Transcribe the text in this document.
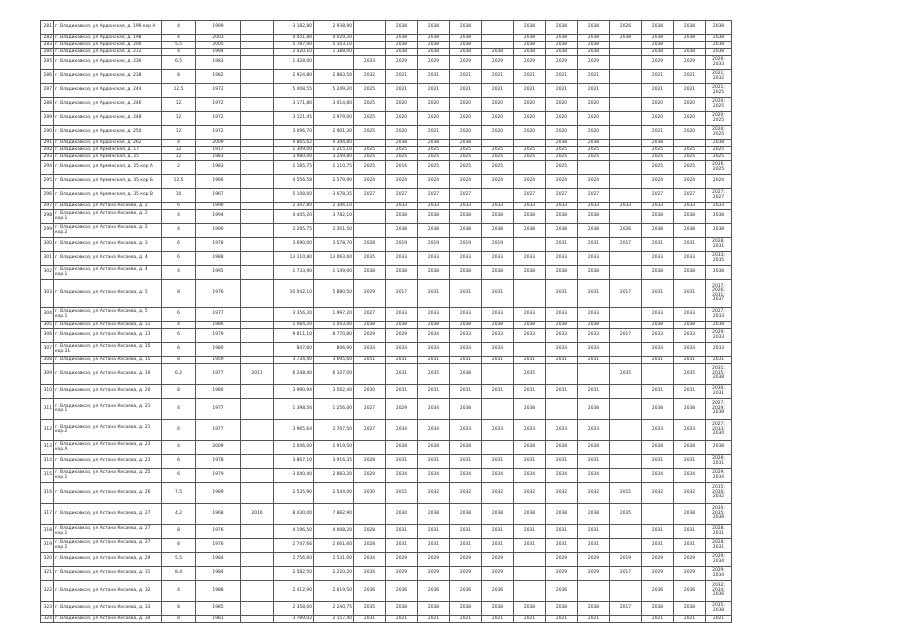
281	г. Владикавказ, ул Ардонская, д. 196 кор А	4	1999		3 182,80	2 938,90		2038	2038	2038		2038	2038	2038	2026	2038	2038	2038
282	г. Владикавказ, ул Ардонская, д. 198	4	2003		4 451,80	4 029,20		2038	2038	2038		2038	2038	2038	2038	2038	2038	2038
283	г. Владикавказ, ул Ардонская, д. 200	5,5	2005		5 787,00	5 103,10		2038	2038	2038		2038	2038	2038		2038		2038
284	г. Владикавказ, ул Ардонская, д. 212	4	1994		2 420,10	1 388,00		2038	2038	2038	2038	2038	2038	2038		2038	2038	2038
285	г. Владикавказ, ул Ардонская, д. 236	6,5	1983		1 428,00		2033	2029	2029	2029	2029	2029	2029	2029		2029	2029	2026; 2033
286	г. Владикавказ, ул Ардонская, д. 238	8	1982		2 924,80	2 883,50	2032	2021	2031	2021	2021	2021	2021	2021		2021	2021	2021; 2032
287	г. Владикавказ, ул Ардонская, д. 244	12,5	1972		5 408,55	5 249,20	2025	2021	2021	2021	2021	2021	2021	2021		2021	2021	2021; 2025
288	г. Владикавказ, ул Ардонская, д. 246	12	1972		3 171,80	3 014,80	2025	2020	2020	2020	2020	2020	2020	2020		2020	2020	2020; 2025
289	г. Владикавказ, ул Ардонская, д. 248	12	1972		3 121,45	2 979,00	2025	2020	2020	2020	2020	2020	2020	2020		2020	2020	2020; 2025
290	г. Владикавказ, ул Ардонская, д. 250	12	1972		3 096,70	2 901,30	2025	2020	2021	2020	2020	2020	2020	2020		2021	2020	2020; 2025
291	г. Владикавказ, ул Ардонская, д. 262	4	2009		4 865,62	4 394,80		2038	2038	2038			2038	2038		2038		2038
292	г. Владикавказ, ул Армянская, д. 17	12	1917		1 309,00	1 215,10	2025	2025	2025	2025	2025	2025	2025	2025		2025	2025	2025
293	г. Владикавказ, ул Армянская, д. 25	12	1983		3 980,00	3 249,80	2025	2025	2025	2025	2025	2025	2025	2025		2025	2025	2025
294	г. Владикавказ, ул Армянская, д. 25 кор А	2	1983		1 185,75	1 110,75	2025	2016	2025	2025	2025		2025			2025	2025	2016; 2025
295	г. Владикавказ, ул Армянская, д. 35 кор Б	12,5	1966		4 556,58	2 579,90	2024	2024	2024	2024	2024	2024	2024	2024		2024	2024	2024
296	г. Владикавказ, ул Армянская, д. 35 кор В	10	1967		5 108,60	3 678,35	2027	2027	2027	2027		2027	2027	2027		2027	2027	2027; 2027
297	г. Владикавказ, ул Астана Кесаева, д. 2	6	1990		2 347,80	2 306,10		2033	2033	2033	2033	2033	2033	2033	2033	2033	2033	2033
298	г. Владикавказ, ул Астана Кесаева, д. 2 кор.1	4	1994		4 445,20	3 782,10		2038	2038	2038	2038	2038	2038	2038		2038	2038	2038
299	г. Владикавказ, ул Астана Кесаева, д. 2 кор.2	4	1990		2 295,75	2 301,50		2038	2038	2038	2038	2038	2038	2038	2026	2038	2038	2038
300	г. Владикавказ, ул Астана Кесаева, д. 3	6	1978		3 690,00	3 578,70	2028	2019	2019	2019	2019		2031	2031	2017	2031	2031	2028; 2031
301	г. Владикавказ, ул Астана Кесаева, д. 4	6	1988		13 110,80	13 063,60	2035	2033	2033	2033	2033	2033	2033	2033		2033	2033	2033; 2035
302	г. Владикавказ, ул Астана Кесаева, д. 4 кор.1	4	1995		1 733,90	1 149,00	2038	2038	2038	2038	2038	2038	2038	2038		2038	2038	2038
303	г. Владикавказ, ул Астана Кесаева, д. 5	8	1976		10 042,10	5 880,50	2029	2017	2031	2031	2031		2031	2031	2017	2031	2031	2017; 2026; 2031; 2037
304	г. Владикавказ, ул Астана Кесаева, д. 5 кор.1	6	1977		3 356,20	1 997,20	2027	2033	2033	2033	2033	2033	2033	2033		2033	2033	2027; 2033
305	г. Владикавказ, ул Астана Кесаева, д. 11	4	1986		1 084,20	1 043,00	2038	2038	2038	2038	2038	2038	2038	2038		2038	2038	2038
306	г. Владикавказ, ул Астана Кесаева, д. 13	6	1979		9 811,10	8 770,80	2029	2029	2034	2033	2033	2033	2033	2033	2017	2033	2033	2029; 2033
307	г. Владикавказ, ул Астана Кесаева, д. 15 кор.31	6	1980		847,60	806,90	2033	2033	2033	2033	2033		2033	2033		2033	2033	2033
308	г. Владикавказ, ул Астана Кесаева, д. 15	8	1959		3 734,40	3 695,60	2051	2031	2031	2031	2031	2031	2031	2031		2031	2031	2031
309	г. Владикавказ, ул Астана Кесаева, д. 19	6,2	1977	2011	6 248,40	6 107,00		2031	2035	2038		2035			2035		2035	2031; 2035; 2038
310	г. Владикавказ, ул Астана Кесаева, д. 20	8	1980		3 990,94	3 562,40	2030	2031	2031	2031	2031	2031	2031	2031		2031	2031	2030; 2031
311	г. Владикавказ, ул Астана Кесаева, д. 21 кор.1	4	1977		1 398,56	1 256,00	2027	2029	2034	2038		2038		2038		2038	2038	2027; 2029; 2038
312	г. Владикавказ, ул Астана Кесаева, д. 21 кор.2	6	1977		3 965,64	2 707,50	2027	2034	2034	2033	2033	2033	2033	2033		2033	2033	2027; 2033; 2034
313	г. Владикавказ, ул Астана Кесаева, д. 23 кор.А	4	2009		2 046,00	1 919,50		2038	2038	2038		2038	2038	2038		2038	2038	2038
314	г. Владикавказ, ул Астана Кесаева, д. 23	6	1978		3 867,10	3 916,35	2028	2031	2031	2031	2031	2031	2031	2031		2031	2031	2028; 2031
315	г. Владикавказ, ул Астана Кесаева, д. 25 кор.1	6	1979		3 040,40	2 883,20	2029	2034	2034	2034	2034	2034	2034	2034		2034	2034	2029; 2034
316	г. Владикавказ, ул Астана Кесаева, д. 26	7,5	1989		2 535,90	2 544,00	2030	2015	2032	2032	2032	2032	2032	2032	2015	2032	2032	2015; 2030; 2032
317	г. Владикавказ, ул Астана Кесаева, д. 27	4,2	1968	2010	8 430,00	7 882,90		2030	2038	2038	2038	2038	2038	2038	2035		2038	2030; 2035; 2038
318	г. Владикавказ, ул Астана Кесаева, д. 27 кор.1	8	1976		4 196,50	4 008,20	2028	2031	2031	2031	2031	2031	2031	2031		2031	2031	2028; 2031
319	г. Владикавказ, ул Астана Кесаева, д. 27 кор.2	8	1976		2 747,66	2 661,60	2028	2031	2031	2031	2031	2031	2031	2031		2031	2031	2028; 2031
320	г. Владикавказ, ул Астана Кесаева, д. 29	5,5	1984		2 756,60	2 531,00	2034	2029	2029	2029	2029		2029	2029	2019	2029	2029	2029; 2034
321	г. Владикавказ, ул Астана Кесаева, д. 31	8,4	1984		2 582,50	2 220,20	2034	2029	2029	2029	2029		2029	2029	2017	2029	2029	2029; 2034
322	г. Владикавказ, ул Астана Кесаева, д. 32	4	1988		2 412,90	2 619,50	2036	2036	2036	2036	2036		2036			2036	2036	2032; 2034; 2036
323	г. Владикавказ, ул Астана Кесаева, д. 33	8	1985		2 358,00	2 240,75	2035	2038	2038	2038	2038	2038	2038	2038	2017	2038	2038	2035; 2038
324	г. Владикавказ, ул Астана Кесаева, д. 34	8	1981		3 789,02	2 157,40	2031	2021	2021	2021	2021	2021	2021	2021		2021	2021	2021
